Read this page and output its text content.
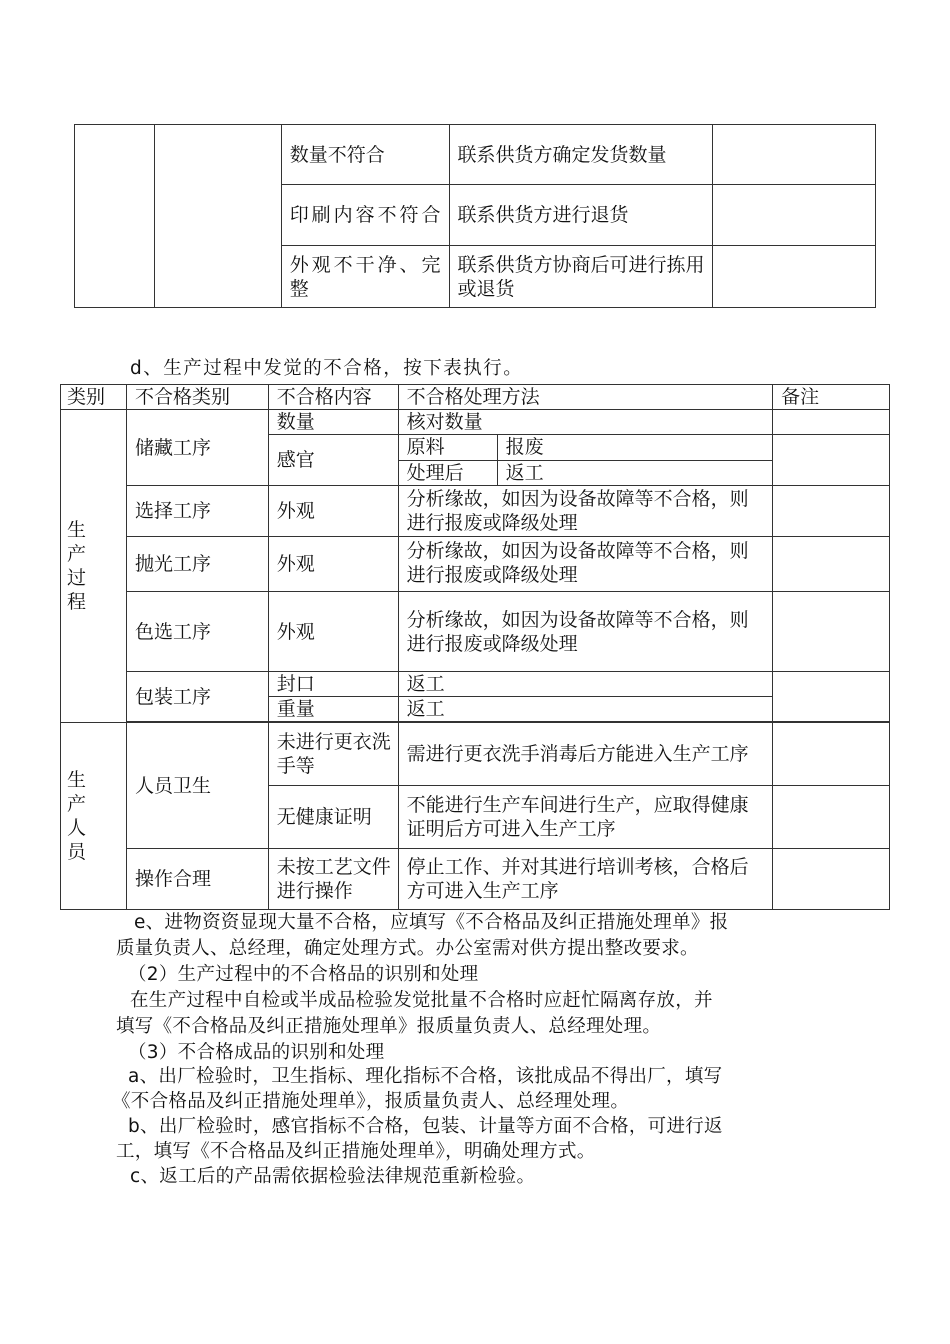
		数量不符合	联系供货方确定发货数量	
		印刷内容不符合	联系供货方进行退货	
		外观不干净、完整	联系供货方协商后可进行拣用或退货	

d、生产过程中发觉的不合格，按下表执行。

类别	不合格类别	不合格内容	不合格处理方法	备注

生产过程
	储藏工序	数量	核对数量	
感官	
原料	报废
处理后	返工

选择工序	外观	分析缘故，如因为设备故障等不合格，则进行报废或降级处理	
抛光工序	外观	分析缘故，如因为设备故障等不合格，则进行报废或降级处理	
色选工序	外观	分析缘故，如因为设备故障等不合格，则进行报废或降级处理	
包装工序	封口	返工	
重量	返工

生产人员
	人员卫生	未进行更衣洗手等	需进行更衣洗手消毒后方能进入生产工序	
无健康证明	不能进行生产车间进行生产，应取得健康证明后方可进入生产工序	
操作合理	未按工艺文件进行操作	停止工作、并对其进行培训考核，合格后方可进入生产工序	

e、进物资资显现大量不合格，应填写《不合格品及纠正措施处理单》报

质量负责人、总经理，确定处理方式。办公室需对供方提出整改要求。

（2）生产过程中的不合格品的识别和处理

在生产过程中自检或半成品检验发觉批量不合格时应赶忙隔离存放，并

填写《不合格品及纠正措施处理单》报质量负责人、总经理处理。

（3）不合格成品的识别和处理

a、出厂检验时，卫生指标、理化指标不合格，该批成品不得出厂，填写

《不合格品及纠正措施处理单》，报质量负责人、总经理处理。

b、出厂检验时，感官指标不合格，包装、计量等方面不合格，可进行返

工，填写《不合格品及纠正措施处理单》，明确处理方式。

c、返工后的产品需依据检验法律规范重新检验。
